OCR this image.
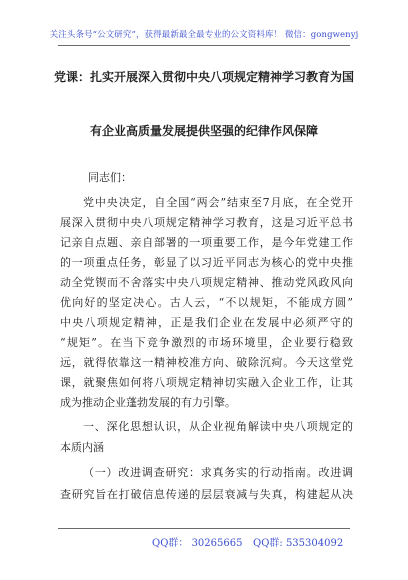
关注头条号“公文研究”，获得最新最全最专业的公文资料库！ 微信：gongwenyj
党课：扎实开展深入贯彻中央八项规定精神学习教育为国
有企业高质量发展提供坚强的纪律作风保障
同志们：
党中央决定，自全国“两会”结束至7月底，在全党开
展深入贯彻中央八项规定精神学习教育，这是习近平总书
记亲自点题、亲自部署的一项重要工作，是今年党建工作
的一项重点任务，彰显了以习近平同志为核心的党中央推
动全党锲而不舍落实中央八项规定精神、推动党风政风向
优向好的坚定决心。古人云，“不以规矩，不能成方圆”
中央八项规定精神，正是我们企业在发展中必须严守的
“规矩”。在当下竞争激烈的市场环境里，企业要行稳致
远，就得依靠这一精神校准方向、破除沉疴。今天这堂党
课，就聚焦如何将八项规定精神切实融入企业工作，让其
成为推动企业蓬勃发展的有力引擎。
一、深化思想认识，从企业视角解读中央八项规定的
本质内涵
（一）改进调查研究：求真务实的行动指南。改进调
查研究旨在打破信息传递的层层衰减与失真，构建起从决
QQ群： 30265665 QQ群: 535304092
